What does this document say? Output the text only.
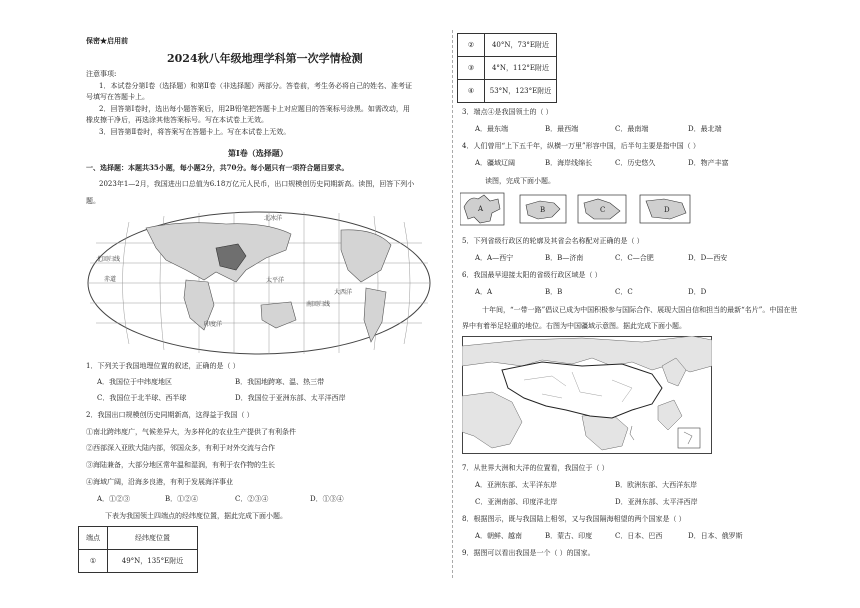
保密★启用前
2024秋八年级地理学科第一次学情检测
注意事项:
1．本试卷分第Ⅰ卷（选择题）和第Ⅱ卷（非选择题）两部分。答卷前，考生务必将自己的姓名、准考证
号填写在答题卡上。
2．回答第Ⅰ卷时，选出每小题答案后，用2B铅笔把答题卡上对应题目的答案标号涂黑。如需改动，用
橡皮擦干净后，再选涂其他答案标号。写在本试卷上无效。
3．回答第Ⅱ卷时，将答案写在答题卡上。写在本试卷上无效。
第Ⅰ卷（选择题）
一、选择题：本题共35小题，每小题2分，共70分。每小题只有一项符合题目要求。
2023年1—2月，我国进出口总值为6.18万亿元人民币，出口规模创历史同期新高。读图，回答下列小
题。
北冰洋
北回归线
赤道	太平洋
南回归线
大西洋
印度洋
1．下列关于我国地理位置的叙述，正确的是（ ）
A．我国位于中纬度地区	B．我国地跨寒、温、热三带
C．我国位于北半球、西半球	D．我国位于亚洲东部、太平洋西岸
2．我国出口规模创历史同期新高，这得益于我国（ ）
①南北跨纬度广，气候差异大，为多样化的农业生产提供了有利条件
②西部深入亚欧大陆内部，邻国众多，有利于对外交流与合作
③海陆兼备，大部分地区常年温和湿润，有利于农作物的生长
④海域广阔，沿海多良港，有利于发展海洋事业
A．①②③	B．①②④	C．②③④	D．①③④
下表为我国领土四端点的经纬度位置，据此完成下面小题。
端点	经纬度位置
①	49°N，135°E附近
②	40°N，73°E附近
③	4°N，112°E附近
④	53°N，123°E附近
3．端点④是我国领土的（ ）
A．最东端	B．最西端	C．最南端	D．最北端
4．人们曾用“上下五千年，纵横一万里”形容中国，后半句主要是指中国（ ）
A．疆域辽阔	B．海岸线绵长	C．历史悠久	D．物产丰富
读图，完成下面小题。
A	B	C	D
5．下列省级行政区的轮廓及其省会名称配对正确的是（ ）
A．A—西宁	B．B—济南	C．C—合肥	D．D—西安
6．我国最早迎接太阳的省级行政区域是（ ）
A．A	B．B	C．C	D．D
十年间，“一带一路”倡议已成为中国积极参与国际合作、展现大国自信和担当的最新“名片”。中国在世
界中有着举足轻重的地位。右图为中国疆域示意图。据此完成下面小题。
7．从世界大洲和大洋的位置看，我国位于（ ）
A．亚洲东部、太平洋东岸	B．欧洲东部、大西洋东岸
C．亚洲南部、印度洋北岸	D．亚洲东部、太平洋西岸
8．根据图示，既与我国陆上相邻，又与我国隔海相望的两个国家是（ ）
A．朝鲜、越南	B．蒙古、印度	C．日本、巴西	D．日本、俄罗斯
9．据图可以看出我国是一个（ ）的国家。
